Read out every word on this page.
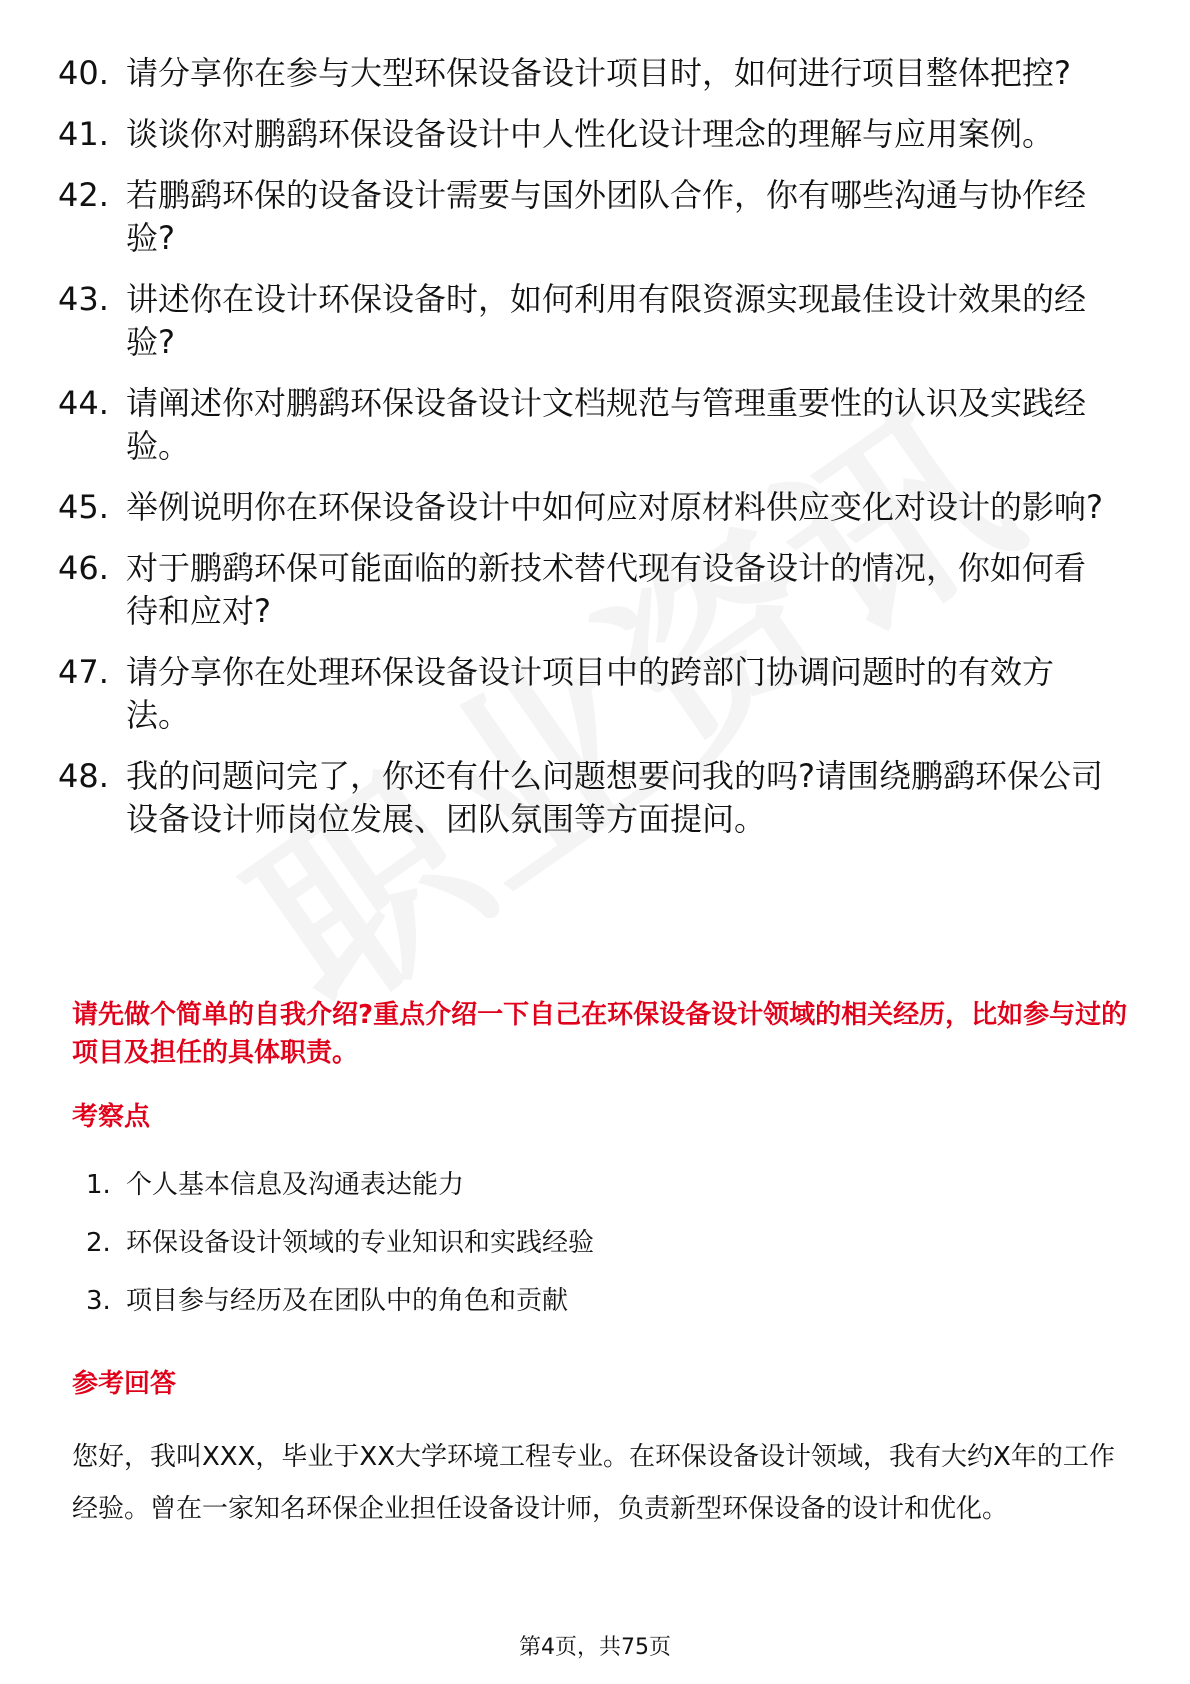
40. 请分享你在参与大型环保设备设计项目时，如何进行项目整体把控?
41. 谈谈你对鹏鹞环保设备设计中人性化设计理念的理解与应用案例。
42. 若鹏鹞环保的设备设计需要与国外团队合作，你有哪些沟通与协作经验?
43. 讲述你在设计环保设备时，如何利用有限资源实现最佳设计效果的经验?
44. 请阐述你对鹏鹞环保设备设计文档规范与管理重要性的认识及实践经验。
45. 举例说明你在环保设备设计中如何应对原材料供应变化对设计的影响?
46. 对于鹏鹞环保可能面临的新技术替代现有设备设计的情况，你如何看待和应对?
47. 请分享你在处理环保设备设计项目中的跨部门协调问题时的有效方法。
48. 我的问题问完了，你还有什么问题想要问我的吗?请围绕鹏鹞环保公司设备设计师岗位发展、团队氛围等方面提问。
请先做个简单的自我介绍?重点介绍一下自己在环保设备设计领域的相关经历，比如参与过的项目及担任的具体职责。
考察点
1. 个人基本信息及沟通表达能力
2. 环保设备设计领域的专业知识和实践经验
3. 项目参与经历及在团队中的角色和贡献
参考回答
您好，我叫XXX，毕业于XX大学环境工程专业。在环保设备设计领域，我有大约X年的工作经验。曾在一家知名环保企业担任设备设计师，负责新型环保设备的设计和优化。
第4页，共75页
